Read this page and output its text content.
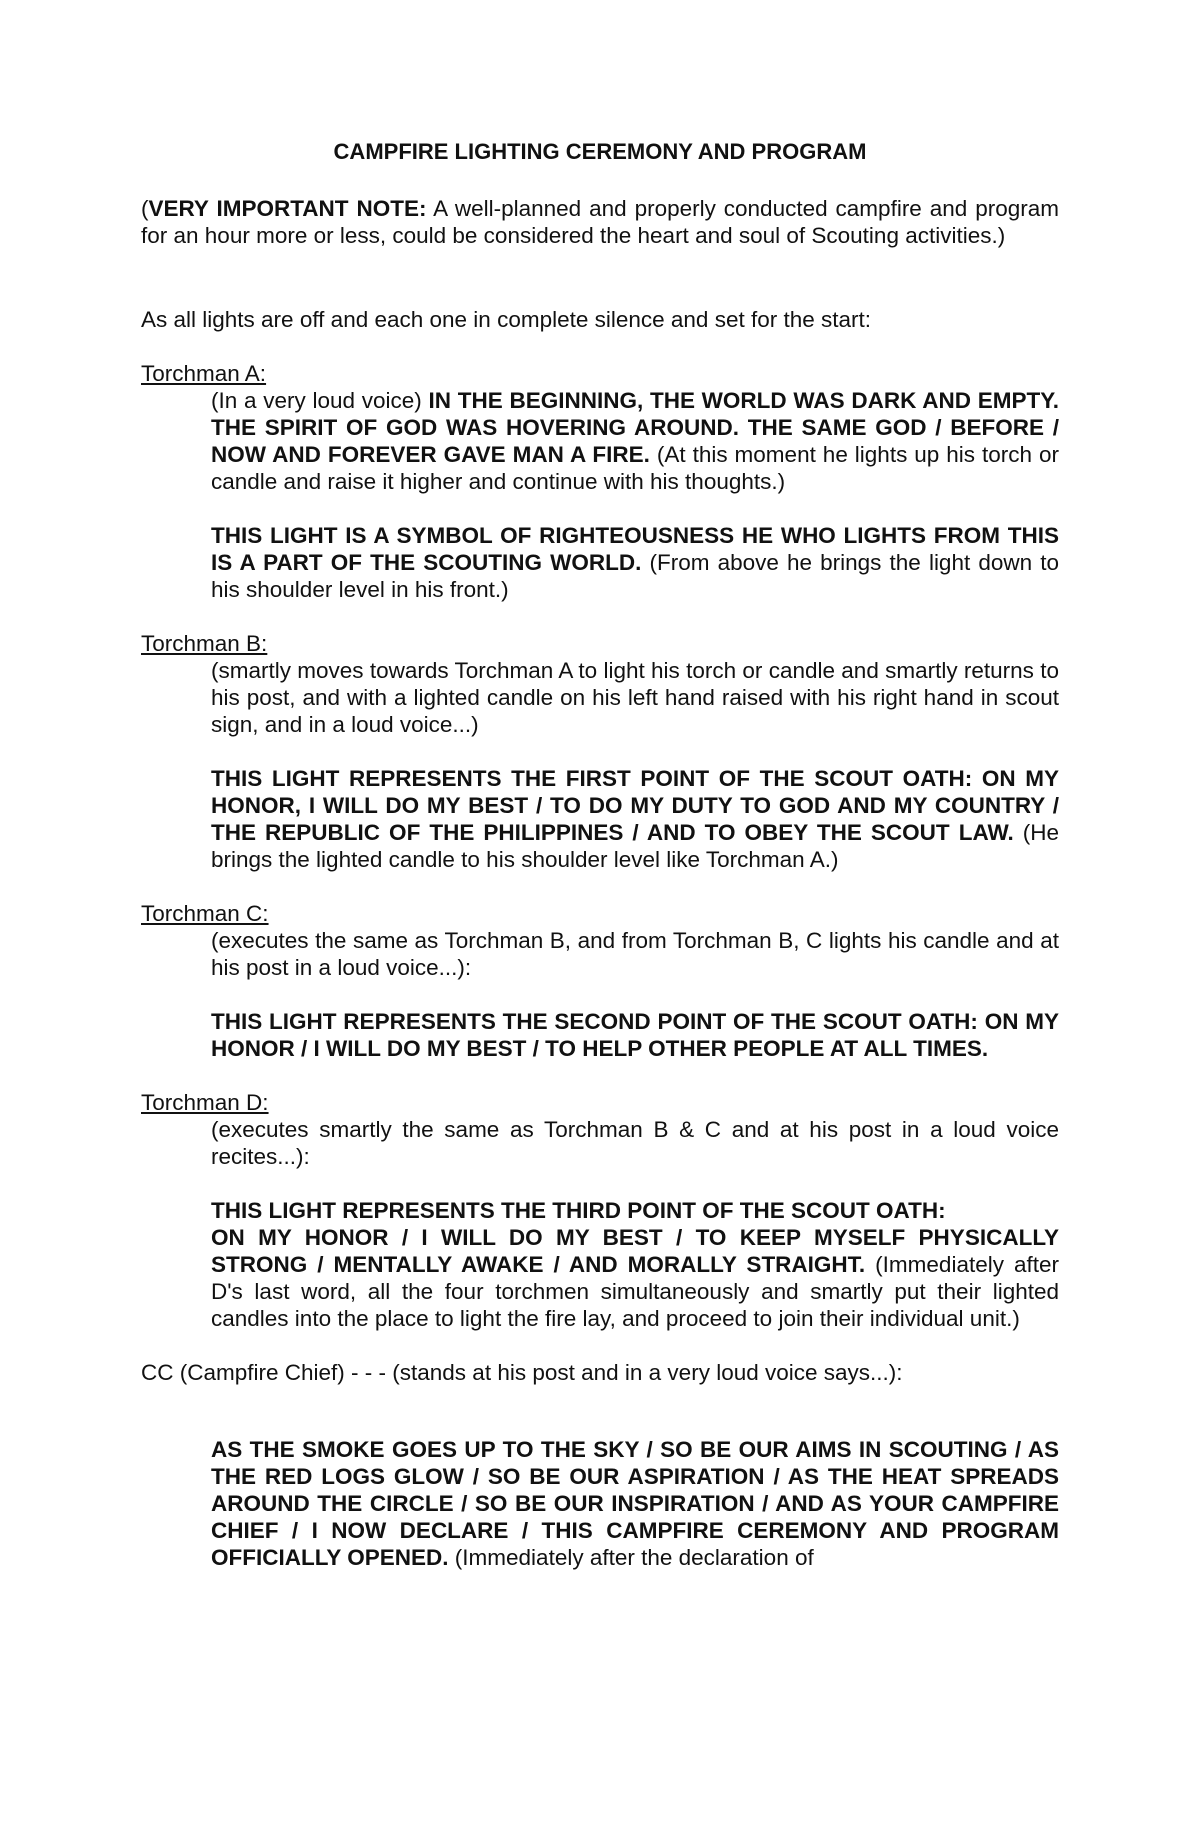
CAMPFIRE LIGHTING CEREMONY AND PROGRAM

(VERY IMPORTANT NOTE: A well-planned and properly conducted campfire and program for an hour more or less, could be considered the heart and soul of Scouting activities.)

As all lights are off and each one in complete silence and set for the start:

Torchman A:

(In a very loud voice) IN THE BEGINNING, THE WORLD WAS DARK AND EMPTY. THE SPIRIT OF GOD WAS HOVERING AROUND. THE SAME GOD / BEFORE / NOW AND FOREVER GAVE MAN A FIRE. (At this moment he lights up his torch or candle and raise it higher and continue with his thoughts.)

THIS LIGHT IS A SYMBOL OF RIGHTEOUSNESS HE WHO LIGHTS FROM THIS IS A PART OF THE SCOUTING WORLD. (From above he brings the light down to his shoulder level in his front.)

Torchman B:

(smartly moves towards Torchman A to light his torch or candle and smartly returns to his post, and with a lighted candle on his left hand raised with his right hand in scout sign, and in a loud voice...)

THIS LIGHT REPRESENTS THE FIRST POINT OF THE SCOUT OATH: ON MY HONOR, I WILL DO MY BEST / TO DO MY DUTY TO GOD AND MY COUNTRY / THE REPUBLIC OF THE PHILIPPINES / AND TO OBEY THE SCOUT LAW. (He brings the lighted candle to his shoulder level like Torchman A.)

Torchman C:

(executes the same as Torchman B, and from Torchman B, C lights his candle and at his post in a loud voice...):

THIS LIGHT REPRESENTS THE SECOND POINT OF THE SCOUT OATH: ON MY HONOR / I WILL DO MY BEST / TO HELP OTHER PEOPLE AT ALL TIMES.

Torchman D:

(executes smartly the same as Torchman B & C and at his post in a loud voice recites...):

THIS LIGHT REPRESENTS THE THIRD POINT OF THE SCOUT OATH:

ON MY HONOR / I WILL DO MY BEST / TO KEEP MYSELF PHYSICALLY STRONG / MENTALLY AWAKE / AND MORALLY STRAIGHT. (Immediately after D's last word, all the four torchmen simultaneously and smartly put their lighted candles into the place to light the fire lay, and proceed to join their individual unit.)

CC (Campfire Chief) - - - (stands at his post and in a very loud voice says...):

AS THE SMOKE GOES UP TO THE SKY / SO BE OUR AIMS IN SCOUTING / AS THE RED LOGS GLOW / SO BE OUR ASPIRATION / AS THE HEAT SPREADS AROUND THE CIRCLE / SO BE OUR INSPIRATION / AND AS YOUR CAMPFIRE CHIEF / I NOW DECLARE / THIS CAMPFIRE CEREMONY AND PROGRAM OFFICIALLY OPENED. (Immediately after the declaration of
